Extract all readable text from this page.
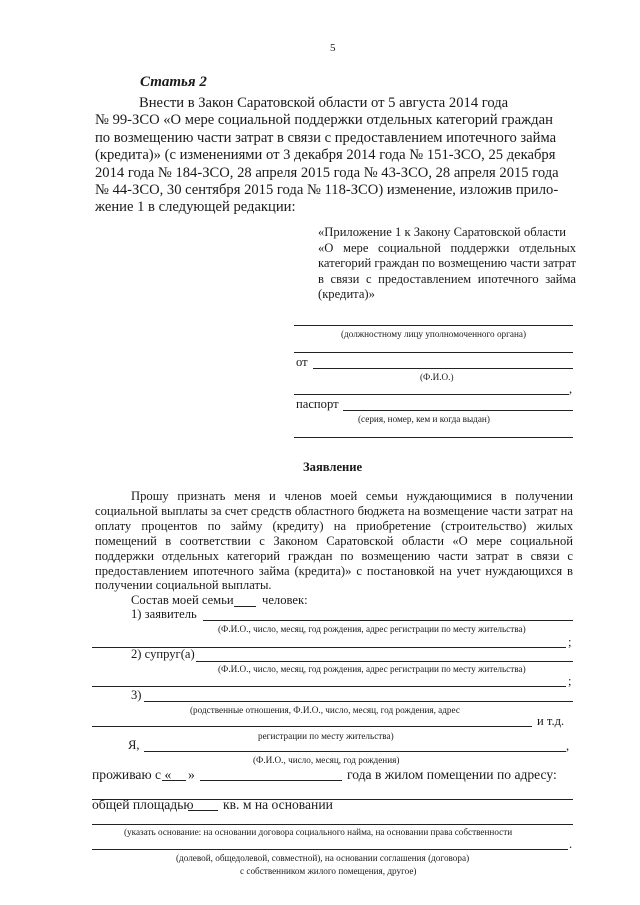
5
Статья 2
Внести в Закон Саратовской области от 5 августа 2014 года
№ 99-ЗСО «О мере социальной поддержки отдельных категорий граждан
по возмещению части затрат в связи с предоставлением ипотечного займа
(кредита)» (с изменениями от 3 декабря 2014 года № 151-ЗСО, 25 декабря
2014 года № 184-ЗСО, 28 апреля 2015 года № 43-ЗСО, 28 апреля 2015 года
№ 44-ЗСО, 30 сентября 2015 года № 118-ЗСО) изменение, изложив прило-
жение 1 в следующей редакции:
«Приложение 1 к Закону Саратовской области
«О мере социальной поддержки отдельных категорий граждан по возмещению части затрат в связи с предоставлением ипотечного займа (кредита)»
(должностному лицу уполномоченного органа)
от
(Ф.И.О.)
,
паспорт
(серия, номер, кем и когда выдан)
Заявление
Прошу признать меня и членов моей семьи нуждающимися в получении социальной выплаты за счет средств областного бюджета на возмещение части затрат на оплату процентов по займу (кредиту) на приобретение (строительство) жилых помещений в соответствии с Законом Саратовской области «О мере социальной поддержки отдельных категорий граждан по возмещению части затрат в связи с предоставлением ипотечного займа (кредита)» с постановкой на учет нуждающихся в получении социальной выплаты.
Состав моей семьи человек:
1) заявитель
(Ф.И.О., число, месяц, год рождения, адрес регистрации по месту жительства)
;
2) супруг(а)
(Ф.И.О., число, месяц, год рождения, адрес регистрации по месту жительства)
;
3)
(родственные отношения, Ф.И.О., число, месяц, год рождения, адрес
и т.д.
регистрации по месту жительства)
Я,	,
(Ф.И.О., число, месяц, год рождения)
проживаю с « »	года в жилом помещении по адресу:
общей площадью кв. м на основании
(указать основание: на основании договора социального найма, на основании права собственности
.
(долевой, общедолевой, совместной), на основании соглашения (договора)
с собственником жилого помещения, другое)
